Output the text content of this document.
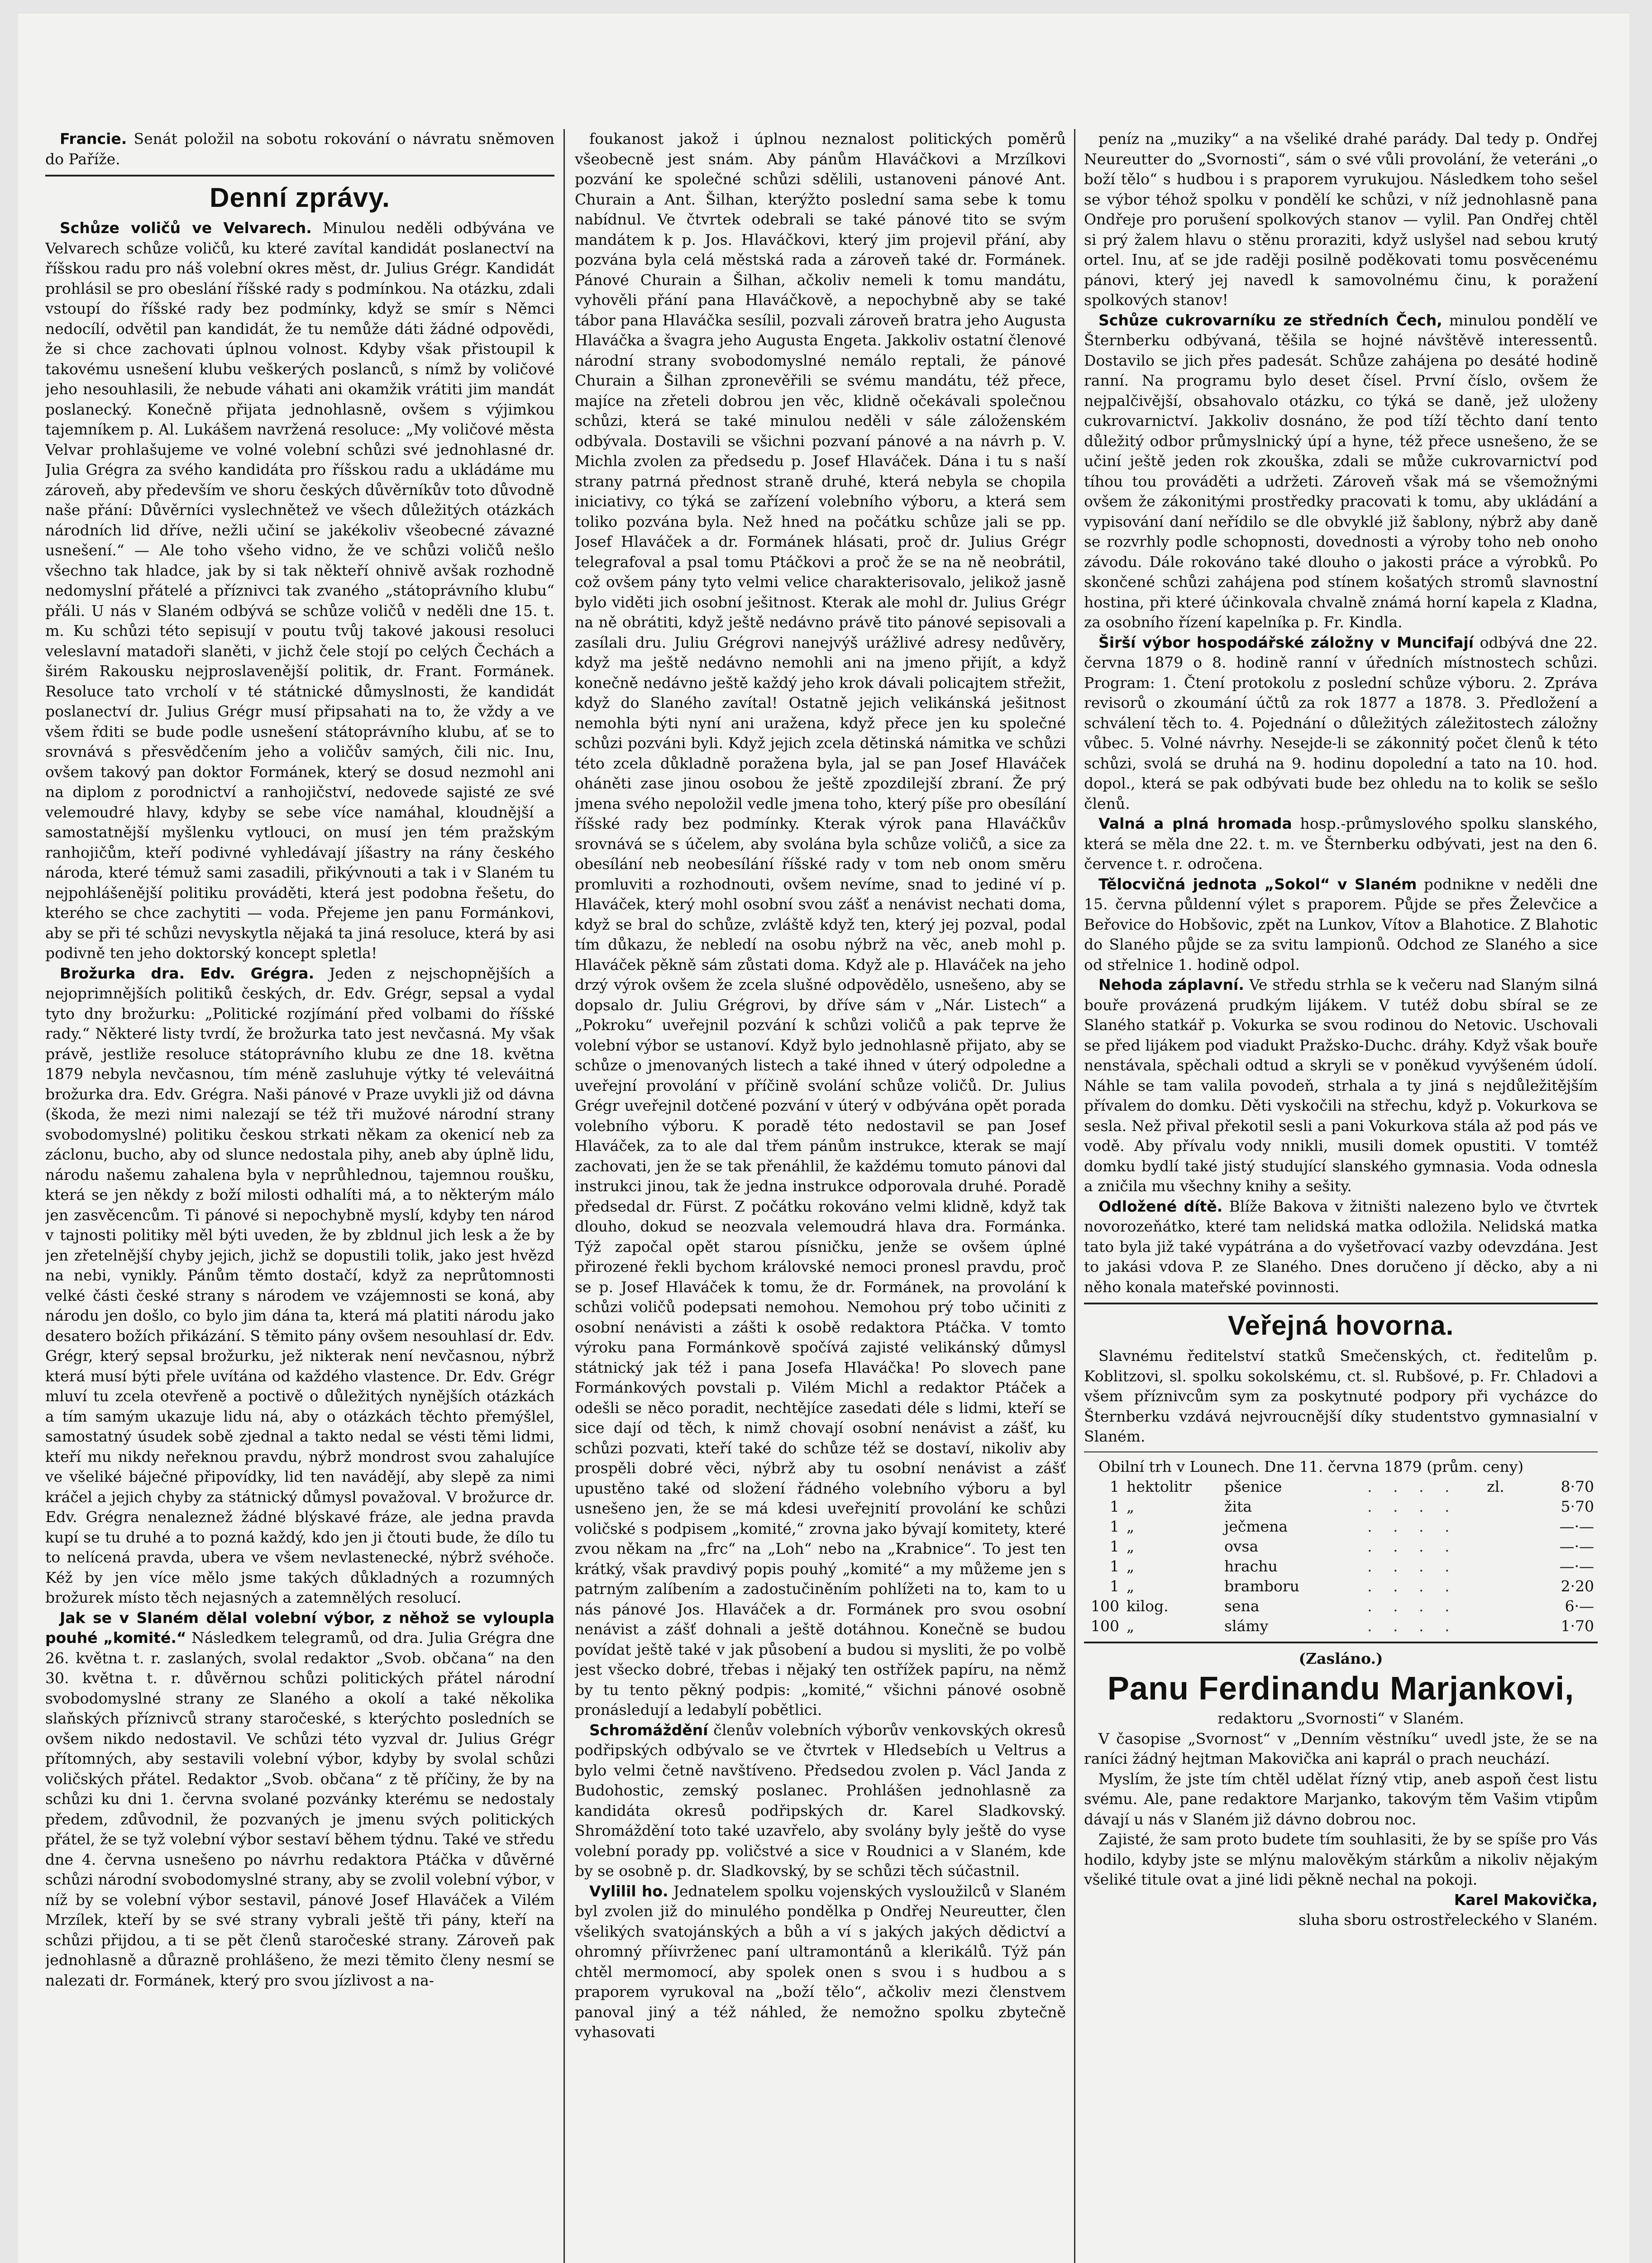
Francie. Senát položil na sobotu rokování o návratu sněmoven do Paříže.

Denní zprávy.

Schůze voličů ve Velvarech. Minulou neděli odbývána ve Velvarech schůze voličů, ku které zavítal kandidát poslanectví na říšskou radu pro náš volební okres měst, dr. Julius Grégr. Kandidát prohlásil se pro obeslání říšské rady s podmínkou. Na otázku, zdali vstoupí do říšské rady bez podmínky, když se smír s Němci nedocílí, odvětil pan kandidát, že tu nemůže dáti žádné odpovědi, že si chce zachovati úplnou volnost. Kdyby však přistoupil k takovému usnešení klubu veškerých poslanců, s nímž by voličové jeho nesouhlasili, že nebude váhati ani okamžik vrátiti jim mandát poslanecký. Konečně přijata jednohlasně, ovšem s výjimkou tajemníkem p. Al. Lukášem navržená resoluce: „My voličové města Velvar prohlašujeme ve volné volební schůzi své jednohlasné dr. Julia Grégra za svého kandidáta pro říšskou radu a ukládáme mu zároveň, aby především ve shoru českých důvěrníkův toto důvodně naše přání: Důvěrníci vyslechnětež ve všech důležitých otázkách národních lid dříve, nežli učiní se jakékoliv všeobecné závazné usnešení.“ — Ale toho všeho vidno, že ve schůzi voličů nešlo všechno tak hladce, jak by si tak někteří ohnivě avšak rozhodně nedomyslní přátelé a příznivci tak zvaného „státoprávního klubu“ přáli. U nás v Slaném odbývá se schůze voličů v neděli dne 15. t. m. Ku schůzi této sepisují v poutu tvůj takové jakousi resoluci veleslavní matadoři slaněti, v jichž čele stojí po celých Čechách a širém Rakousku nejproslavenější politik, dr. Frant. Formánek. Resoluce tato vrcholí v té státnické důmyslnosti, že kandidát poslanectví dr. Julius Grégr musí připsahati na to, že vždy a ve všem řditi se bude podle usnešení státoprávního klubu, ať se to srovnává s přesvědčením jeho a voličův samých, čili nic. Inu, ovšem takový pan doktor Formánek, který se dosud nezmohl ani na diplom z porodnictví a ranhojičství, nedovede sajisté ze své velemoudré hlavy, kdyby se sebe více namáhal, kloudnější a samostatnější myšlenku vytlouci, on musí jen tém pražským ranhojičům, kteří podivné vyhledávají jíšastry na rány českého národa, které témuž sami zasadili, přikývnouti a tak i v Slaném tu nejpohlášenější politiku prováděti, která jest podobna řešetu, do kterého se chce zachytiti — voda. Přejeme jen panu Formánkovi, aby se při té schůzi nevyskytla nějaká ta jiná resoluce, která by asi podivně ten jeho doktorský koncept spletla!

Brožurka dra. Edv. Grégra. Jeden z nejschopnějších a nejoprimnějších politiků českých, dr. Edv. Grégr, sepsal a vydal tyto dny brožurku: „Politické rozjímání před volbami do říšské rady.“ Některé listy tvrdí, že brožurka tato jest nevčasná. My však právě, jestliže resoluce státoprávního klubu ze dne 18. května 1879 nebyla nevčasnou, tím méně zasluhuje výtky té veleváitná brožurka dra. Edv. Grégra. Naši pánové v Praze uvykli již od dávna (škoda, že mezi nimi nalezají se též tři mužové národní strany svobodomyslné) politiku českou strkati někam za okenicí neb za záclonu, bucho, aby od slunce nedostala pihy, aneb aby úplně lidu, národu našemu zahalena byla v neprůhlednou, tajemnou roušku, která se jen někdy z boží milosti odhalíti má, a to některým málo jen zasvěcencům. Ti pánové si nepochybně myslí, kdyby ten národ v tajnosti politiky měl býti uveden, že by zbldnul jich lesk a že by jen zřetelnější chyby jejich, jichž se dopustili tolik, jako jest hvězd na nebi, vynikly. Pánům těmto dostačí, když za neprůtomnosti velké části české strany s národem ve vzájemnosti se koná, aby národu jen došlo, co bylo jim dána ta, která má platiti národu jako desatero božích přikázání. S těmito pány ovšem nesouhlasí dr. Edv. Grégr, který sepsal brožurku, jež nikterak není nevčasnou, nýbrž která musí býti přele uvítána od každého vlastence. Dr. Edv. Grégr mluví tu zcela otevřeně a poctivě o důležitých nynějších otázkách a tím samým ukazuje lidu ná, aby o otázkách těchto přemýšlel, samostatný úsudek sobě zjednal a takto nedal se vésti těmi lidmi, kteří mu nikdy neřeknou pravdu, nýbrž mondrost svou zahalujíce ve všeliké báječné připovídky, lid ten navádějí, aby slepě za nimi kráčel a jejich chyby za státnický důmysl považoval. V brožurce dr. Edv. Grégra nenaleznež žádné blýskavé fráze, ale jedna pravda kupí se tu druhé a to pozná každý, kdo jen ji čtouti bude, že dílo tu to nelícená pravda, ubera ve všem nevlastenecké, nýbrž svéhoče. Kéž by jen více mělo jsme takých důkladných a rozumných brožurek místo těch nejasných a zatemnělých resolucí.

Jak se v Slaném dělal volební výbor, z něhož se vyloupla pouhé „komité.“ Následkem telegramů, od dra. Julia Grégra dne 26. května t. r. zaslaných, svolal redaktor „Svob. občana“ na den 30. května t. r. důvěrnou schůzi politických přátel národní svobodomyslné strany ze Slaného a okolí a také několika slaňských příznivců strany staročeské, s kterýchto posledních se ovšem nikdo nedostavil. Ve schůzi této vyzval dr. Julius Grégr přítomných, aby sestavili volební výbor, kdyby by svolal schůzi voličských přátel. Redaktor „Svob. občana“ z tě příčiny, že by na schůzi ku dni 1. června svolané pozvánky kterému se nedostaly předem, zdůvodnil, že pozvaných je jmenu svých politických přátel, že se tyž volební výbor sestaví během týdnu. Také ve středu dne 4. června usnešeno po návrhu redaktora Ptáčka v důvěrné schůzi národní svobodomyslné strany, aby se zvolil volební výbor, v níž by se volební výbor sestavil, pánové Josef Hlaváček a Vilém Mrzílek, kteří by se své strany vybrali ještě tři pány, kteří na schůzi přijdou, a ti se pět členů staročeské strany. Zároveň pak jednohlasně a důrazně prohlášeno, že mezi těmito členy nesmí se nalezati dr. Formánek, který pro svou jízlivost a na-

foukanost jakož i úplnou neznalost politických poměrů všeobecně jest snám. Aby pánům Hlaváčkovi a Mrzílkovi pozvání ke společné schůzi sdělili, ustanoveni pánové Ant. Churain a Ant. Šilhan, kterýžto poslední sama sebe k tomu nabídnul. Ve čtvrtek odebrali se také pánové tito se svým mandátem k p. Jos. Hlaváčkovi, který jim projevil přání, aby pozvána byla celá městská rada a zároveň také dr. Formánek. Pánové Churain a Šilhan, ačkoliv nemeli k tomu mandátu, vyhověli přání pana Hlaváčkově, a nepochybně aby se také tábor pana Hlaváčka sesílil, pozvali zároveň bratra jeho Augusta Hlaváčka a švagra jeho Augusta Engeta. Jakkoliv ostatní členové národní strany svobodomyslné nemálo reptali, že pánové Churain a Šilhan zpronevěřili se svému mandátu, též přece, majíce na zřeteli dobrou jen věc, klidně očekávali společnou schůzi, která se také minulou neděli v sále záloženském odbývala. Dostavili se všichni pozvaní pánové a na návrh p. V. Michla zvolen za předsedu p. Josef Hlaváček. Dána i tu s naší strany patrná přednost straně druhé, která nebyla se chopila iniciativy, co týká se zařízení volebního výboru, a která sem toliko pozvána byla. Než hned na počátku schůze jali se pp. Josef Hlaváček a dr. Formánek hlásati, proč dr. Julius Grégr telegrafoval a psal tomu Ptáčkovi a proč že se na ně neobrátil, což ovšem pány tyto velmi velice charakterisovalo, jelikož jasně bylo viděti jich osobní ješitnost. Kterak ale mohl dr. Julius Grégr na ně obrátiti, když ještě nedávno právě tito pánové sepisovali a zasílali dru. Juliu Grégrovi nanejvýš urážlivé adresy nedůvěry, když ma ještě nedávno nemohli ani na jmeno přijít, a když konečně nedávno ještě každý jeho krok dávali policajtem střežit, když do Slaného zavítal! Ostatně jejich velikánská ješitnost nemohla býti nyní ani uražena, když přece jen ku společné schůzi pozváni byli. Když jejich zcela dětinská námitka ve schůzi této zcela důkladně poražena byla, jal se pan Josef Hlaváček oháněti zase jinou osobou že ještě zpozdilejší zbraní. Že prý jmena svého nepoložil vedle jmena toho, který píše pro obesílání říšské rady bez podmínky. Kterak výrok pana Hlaváčkův srovnává se s účelem, aby svolána byla schůze voličů, a sice za obesílání neb neobesílání říšské rady v tom neb onom směru promluviti a rozhodnouti, ovšem nevíme, snad to jediné ví p. Hlaváček, který mohl osobní svou zášť a nenávist nechati doma, když se bral do schůze, zvláště když ten, který jej pozval, podal tím důkazu, že nebledí na osobu nýbrž na věc, aneb mohl p. Hlaváček pěkně sám zůstati doma. Když ale p. Hlaváček na jeho drzý výrok ovšem že zcela slušné odpovědělo, usnešeno, aby se dopsalo dr. Juliu Grégrovi, by dříve sám v „Nár. Listech“ a „Pokroku“ uveřejnil pozvání k schůzi voličů a pak teprve že volební výbor se ustanoví. Když bylo jednohlasně přijato, aby se schůze o jmenovaných listech a také ihned v úterý odpoledne a uveřejní provolání v příčině svolání schůze voličů. Dr. Julius Grégr uveřejnil dotčené pozvání v úterý v odbývána opět porada volebního výboru. K poradě této nedostavil se pan Josef Hlaváček, za to ale dal třem pánům instrukce, kterak se mají zachovati, jen že se tak přenáhlil, že každému tomuto pánovi dal instrukci jinou, tak že jedna instrukce odporovala druhé. Poradě předsedal dr. Fürst. Z počátku rokováno velmi klidně, když tak dlouho, dokud se neozvala velemoudrá hlava dra. Formánka. Týž započal opět starou písničku, jenže se ovšem úplné přirozené řekli bychom královské nemoci pronesl pravdu, proč se p. Josef Hlaváček k tomu, že dr. Formánek, na provolání k schůzi voličů podepsati nemohou. Nemohou prý tobo učiniti z osobní nenávisti a zášti k osobě redaktora Ptáčka. V tomto výroku pana Formánkově spočívá zajisté velikánský důmysl státnický jak též i pana Josefa Hlaváčka! Po slovech pane Formánkových povstali p. Vilém Michl a redaktor Ptáček a odešli se něco poradit, nechtějíce zasedati déle s lidmi, kteří se sice dají od těch, k nimž chovají osobní nenávist a zášť, ku schůzi pozvati, kteří také do schůze též se dostaví, nikoliv aby prospěli dobré věci, nýbrž aby tu osobní nenávist a zášť upustěno také od složení řádného volebního výboru a byl usnešeno jen, že se má kdesi uveřejnití provolání ke schůzi voličské s podpisem „komité,“ zrovna jako bývají komitety, které zvou někam na „frc“ na „Loh“ nebo na „Krabnice“. To jest ten krátký, však pravdivý popis pouhý „komité“ a my můžeme jen s patrným zalíbením a zadostučiněním pohlížeti na to, kam to u nás pánové Jos. Hlaváček a dr. Formánek pro svou osobní nenávist a zášť dohnali a ještě dotáhnou. Konečně se budou povídat ještě také v jak působení a budou si mysliti, že po volbě jest všecko dobré, třebas i nějaký ten ostřížek papíru, na němž by tu tento pěkný podpis: „komité,“ všichni pánové osobně pronásledují a ledabylí pobětlici.

Schromáždění členův volebních výborův venkovských okresů podřipských odbývalo se ve čtvrtek v Hledsebích u Veltrus a bylo velmi četně navštíveno. Předsedou zvolen p. Václ Janda z Budohostic, zemský poslanec. Prohlášen jednohlasně za kandidáta okresů podřipských dr. Karel Sladkovský. Shromáždění toto také uzavřelo, aby svolány byly ještě do vyse volební porady pp. voličstvé a sice v Roudnici a v Slaném, kde by se osobně p. dr. Sladkovský, by se schůzi těch súčastnil.

Vylilil ho. Jednatelem spolku vojenských vysloužilců v Slaném byl zvolen již do minulého pondělka p Ondřej Neureutter, člen všelikých svatojánských a bůh a ví s jakých jakých dědictví a ohromný příivrženec paní ultramontánů a klerikálů. Týž pán chtěl mermomocí, aby spolek onen s svou i s hudbou a s praporem vyrukoval na „boží tělo“, ačkoliv mezi členstvem panoval jiný a též náhled, že nemožno spolku zbytečně vyhasovati

peníz na „muziky“ a na všeliké drahé parády. Dal tedy p. Ondřej Neureutter do „Svornosti“, sám o své vůli provolání, že veteráni „o boží tělo“ s hudbou i s praporem vyrukujou. Následkem toho sešel se výbor téhož spolku v pondělí ke schůzi, v níž jednohlasně pana Ondřeje pro porušení spolkových stanov — vylil. Pan Ondřej chtěl si prý žalem hlavu o stěnu proraziti, když uslyšel nad sebou krutý ortel. Inu, ať se jde raději posilně poděkovati tomu posvěcenému pánovi, který jej navedl k samovolnému činu, k poražení spolkových stanov!

Schůze cukrovarníku ze středních Čech, minulou pondělí ve Šternberku odbývaná, těšila se hojné návštěvě interessentů. Dostavilo se jich přes padesát. Schůze zahájena po desáté hodině ranní. Na programu bylo deset čísel. První číslo, ovšem že nejpalčivější, obsahovalo otázku, co týká se daně, jež uloženy cukrovarnictví. Jakkoliv dosnáno, že pod tíží těchto daní tento důležitý odbor průmyslnický úpí a hyne, též přece usnešeno, že se učiní ještě jeden rok zkouška, zdali se může cukrovarnictví pod tíhou tou prováděti a udržeti. Zároveň však má se všemožnými ovšem že zákonitými prostředky pracovati k tomu, aby ukládání a vypisování daní neřídilo se dle obvyklé již šablony, nýbrž aby daně se rozvrhly podle schopnosti, dovednosti a výroby toho neb onoho závodu. Dále rokováno také dlouho o jakosti práce a výrobků. Po skončené schůzi zahájena pod stínem košatých stromů slavnostní hostina, při které účinkovala chvalně známá horní kapela z Kladna, za osobního řízení kapelníka p. Fr. Kindla.

Širší výbor hospodářské záložny v Muncifají odbývá dne 22. června 1879 o 8. hodině ranní v úředních místnostech schůzi. Program: 1. Čtení protokolu z poslední schůze výboru. 2. Zpráva revisorů o zkoumání účtů za rok 1877 a 1878. 3. Předložení a schválení těch to. 4. Pojednání o důležitých záležitostech záložny vůbec. 5. Volné návrhy. Nesejde-li se zákonnitý počet členů k této schůzi, svolá se druhá na 9. hodinu dopolední a tato na 10. hod. dopol., která se pak odbývati bude bez ohledu na to kolik se sešlo členů.

Valná a plná hromada hosp.-průmyslového spolku slanského, která se měla dne 22. t. m. ve Šternberku odbývati, jest na den 6. července t. r. odročena.

Tělocvičná jednota „Sokol“ v Slaném podnikne v neděli dne 15. června půldenní výlet s praporem. Půjde se přes Želevčice a Beřovice do Hobšovic, zpět na Lunkov, Vítov a Blahotice. Z Blahotic do Slaného půjde se za svitu lampionů. Odchod ze Slaného a sice od střelnice 1. hodině odpol.

Nehoda záplavní. Ve středu strhla se k večeru nad Slaným silná bouře provázená prudkým lijákem. V tutéž dobu sbíral se ze Slaného statkář p. Vokurka se svou rodinou do Netovic. Uschovali se před lijákem pod viadukt Pražsko-Duchc. dráhy. Když však bouře nenstávala, spěchali odtud a skryli se v poněkud vyvýšeném údolí. Náhle se tam valila povodeň, strhala a ty jiná s nejdůležitějším přívalem do domku. Děti vyskočili na střechu, když p. Vokurkova se sesla. Než přival překotil sesli a pani Vokurkova stála až pod pás ve vodě. Aby přívalu vody nnikli, musili domek opustiti. V tomtéž domku bydlí také jistý studující slanského gymnasia. Voda odnesla a zničila mu všechny knihy a sešity.

Odložené dítě. Blíže Bakova v žitništi nalezeno bylo ve čtvrtek novorozeňátko, které tam nelidská matka odložila. Nelidská matka tato byla již také vypátrána a do vyšetřovací vazby odevzdána. Jest to jakási vdova P. ze Slaného. Dnes doručeno jí děcko, aby a ni něho konala mateřské povinnosti.

Veřejná hovorna.

Slavnému ředitelství statků Smečenských, ct. ředitelům p. Koblitzovi, sl. spolku sokolskému, ct. sl. Rubšové, p. Fr. Chladovi a všem příznivcům sym za poskytnuté podpory při vycházce do Šternberku vzdává nejvroucnější díky studentstvo gymnasialní v Slaném.

Obilní trh v Lounech. Dne 11. června 1879 (prům. ceny)

1	hektolitr	pšenice	. . . .	zl.	8·70
1	„	žita	. . . .		5·70
1	„	ječmena	. . . .		—·—
1	„	ovsa	. . . .		—·—
1	„	hrachu	. . . .		—·—
1	„	bramboru	. . . .		2·20
100	kilog.	sena	. . . .		6·—
100	„	slámy	. . . .		1·70

(Zasláno.)

Panu Ferdinandu Marjankovi,

redaktoru „Svornosti“ v Slaném.

V časopise „Svornost“ v „Denním věstníku“ uvedl jste, že se na raníci žádný hejtman Makovička ani kaprál o prach neuchází.

Myslím, že jste tím chtěl udělat řízný vtip, aneb aspoň čest listu svému. Ale, pane redaktore Marjanko, takovým těm Vašim vtipům dávají u nás v Slaném již dávno dobrou noc.

Zajisté, že sam proto budete tím souhlasiti, že by se spíše pro Vás hodilo, kdyby jste se mlýnu malověkým stárkům a nikoliv nějakým všeliké titule ovat a jiné lidi pěkně nechal na pokoji.

Karel Makovička,

sluha sboru ostrostřeleckého v Slaném.
